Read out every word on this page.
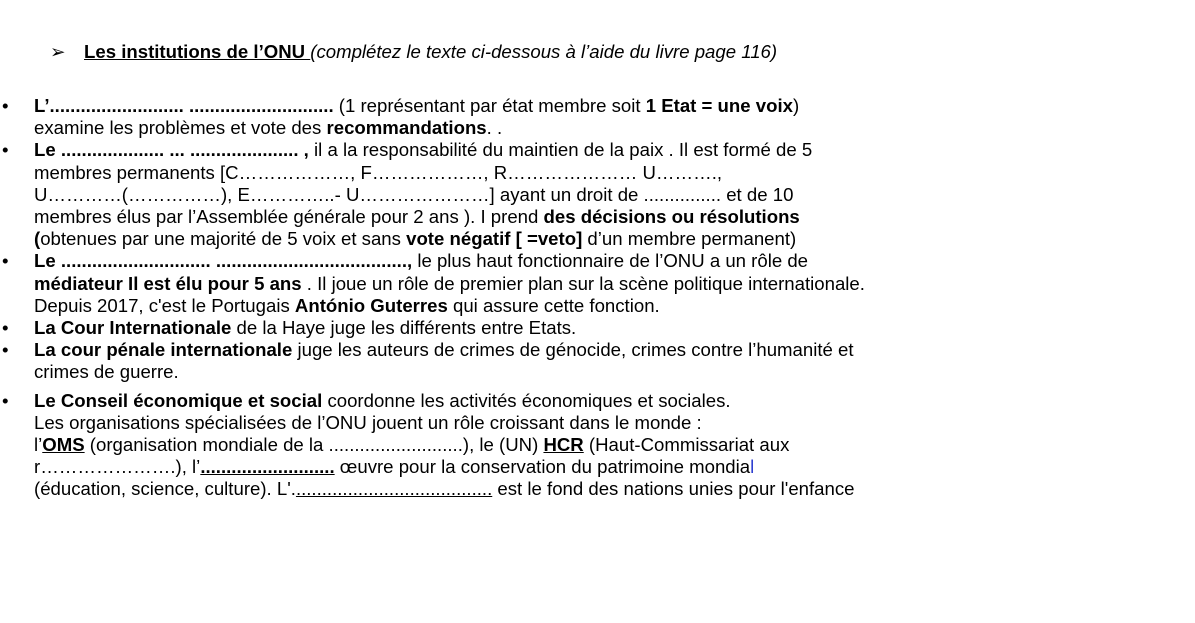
➢ Les institutions de l’ONU (complétez le texte ci-dessous à l’aide du livre page 116)
• L’.......................... ............................ (1 représentant par état membre soit 1 Etat = une voix)
examine les problèmes et vote des recommandations. .
• Le .................... ... ..................... , il a la responsabilité du maintien de la paix . Il est formé de 5
membres permanents [C………………, F………………, R………………… U……….,
U…………(……………), E…………..- U…………………] ayant un droit de ............... et de 10
membres élus par l’Assemblée générale pour 2 ans ). I prend des décisions ou résolutions
(obtenues par une majorité de 5 voix et sans vote négatif [ =veto] d’un membre permanent)
• Le ............................. ....................................., le plus haut fonctionnaire de l’ONU a un rôle de
médiateur Il est élu pour 5 ans . Il joue un rôle de premier plan sur la scène politique internationale.
Depuis 2017, c'est le Portugais António Guterres qui assure cette fonction.
• La Cour Internationale de la Haye juge les différents entre Etats.
• La cour pénale internationale juge les auteurs de crimes de génocide, crimes contre l’humanité et
crimes de guerre.
• Le Conseil économique et social coordonne les activités économiques et sociales.
Les organisations spécialisées de l’ONU jouent un rôle croissant dans le monde :
l’OMS (organisation mondiale de la ..........................), le (UN) HCR (Haut-Commissariat aux
r………………….), l’.......................... œuvre pour la conservation du patrimoine mondial
(éducation, science, culture). L'....................................... est le fond des nations unies pour l'enfance
